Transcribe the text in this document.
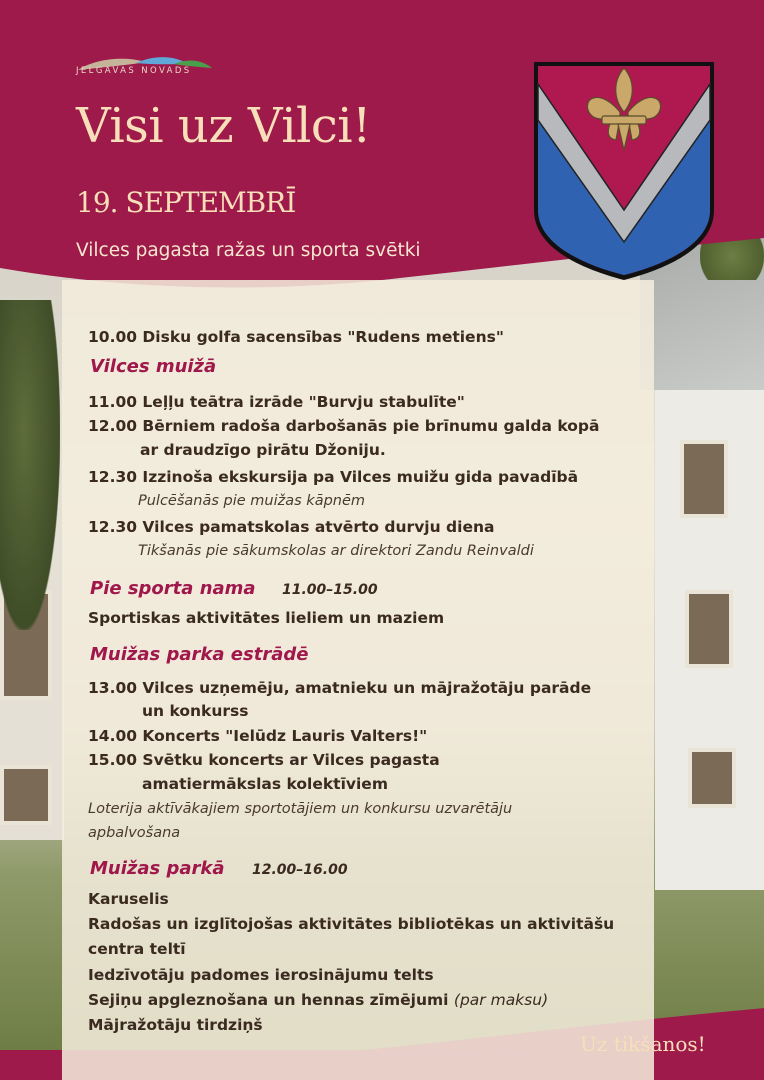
JELGAVAS NOVADS
Visi uz Vilci!
19. SEPTEMBRĪ
Vilces pagasta ražas un sporta svētki
10.00 Disku golfa sacensības "Rudens metiens"
Vilces muižā
11.00 Leļļu teātra izrāde "Burvju stabulīte"
12.00 Bērniem radoša darbošanās pie brīnumu galda kopā
ar draudzīgo pirātu Džoniju.
12.30 Izzinoša ekskursija pa Vilces muižu gida pavadībā
Pulcēšanās pie muižas kāpnēm
12.30 Vilces pamatskolas atvērto durvju diena
Tikšanās pie sākumskolas ar direktori Zandu Reinvaldi
Pie sporta nama 11.00–15.00
Sportiskas aktivitātes lieliem un maziem
Muižas parka estrādē
13.00 Vilces uzņemēju, amatnieku un mājražotāju parāde
un konkurss
14.00 Koncerts "Ielūdz Lauris Valters!"
15.00 Svētku koncerts ar Vilces pagasta
amatiermākslas kolektīviem
Loterija aktīvākajiem sportotājiem un konkursu uzvarētāju
apbalvošana
Muižas parkā 12.00–16.00
Karuselis
Radošas un izglītojošas aktivitātes bibliotēkas un aktivitāšu
centra teltī
Iedzīvotāju padomes ierosinājumu telts
Sejiņu apgleznošana un hennas zīmējumi (par maksu)
Mājražotāju tirdziņš
Pasākuma laikā tiks fotografēts un filmēts Uz tikšanos!
